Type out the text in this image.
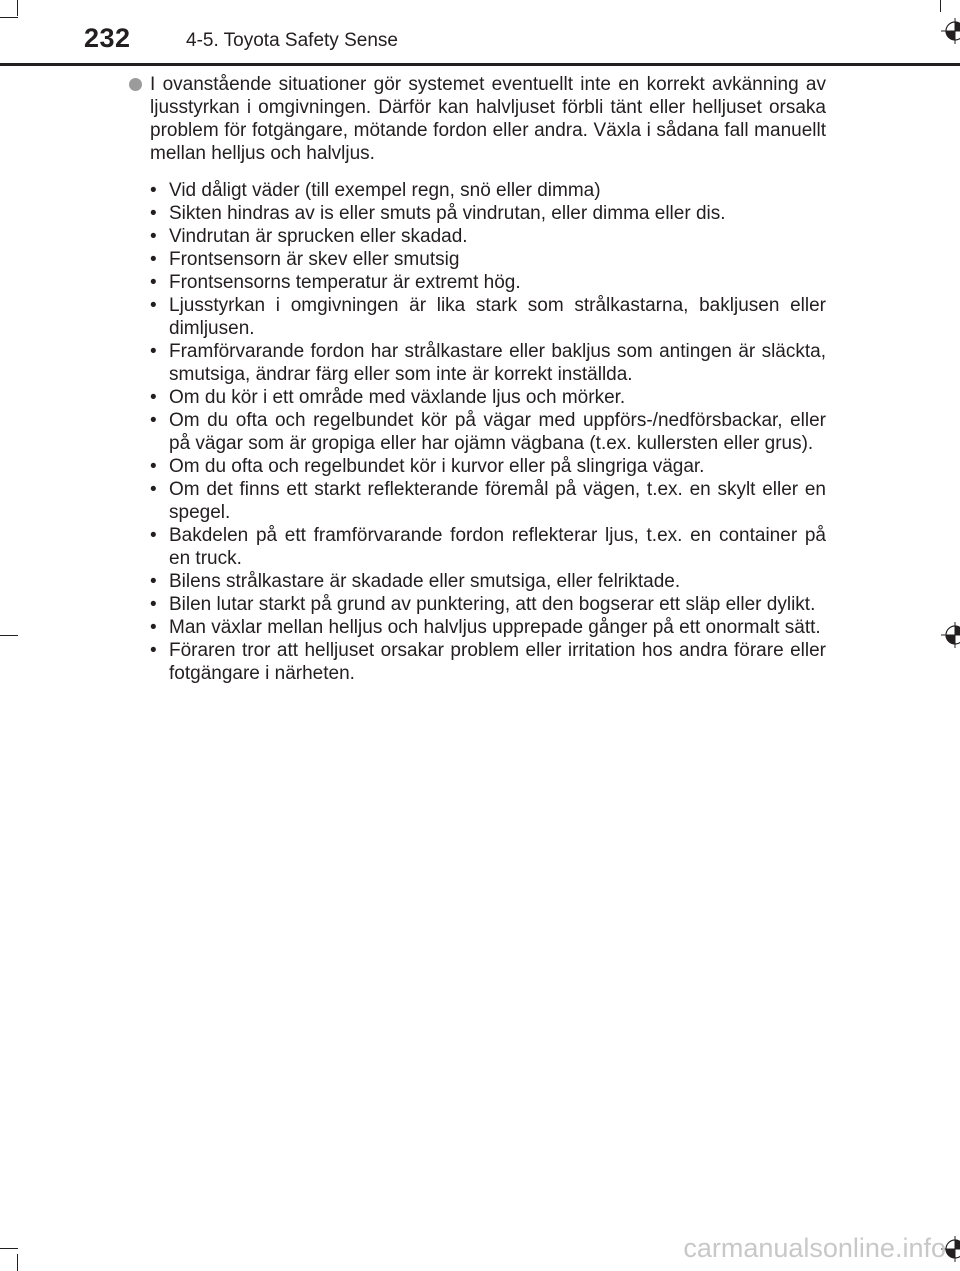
232	4-5. Toyota Safety Sense

I ovanstående situationer gör systemet eventuellt inte en korrekt avkänning av ljusstyrkan i omgivningen. Därför kan halvljuset förbli tänt eller helljuset orsaka problem för fotgängare, mötande fordon eller andra. Växla i sådana fall manuellt mellan helljus och halvljus.

• Vid dåligt väder (till exempel regn, snö eller dimma)
• Sikten hindras av is eller smuts på vindrutan, eller dimma eller dis.
• Vindrutan är sprucken eller skadad.
• Frontsensorn är skev eller smutsig
• Frontsensorns temperatur är extremt hög.
• Ljusstyrkan i omgivningen är lika stark som strålkastarna, bakljusen eller dimljusen.
• Framförvarande fordon har strålkastare eller bakljus som antingen är släckta, smutsiga, ändrar färg eller som inte är korrekt inställda.
• Om du kör i ett område med växlande ljus och mörker.
• Om du ofta och regelbundet kör på vägar med uppförs-/nedförsbackar, eller på vägar som är gropiga eller har ojämn vägbana (t.ex. kullersten eller grus).
• Om du ofta och regelbundet kör i kurvor eller på slingriga vägar.
• Om det finns ett starkt reflekterande föremål på vägen, t.ex. en skylt eller en spegel.
• Bakdelen på ett framförvarande fordon reflekterar ljus, t.ex. en container på en truck.
• Bilens strålkastare är skadade eller smutsiga, eller felriktade.
• Bilen lutar starkt på grund av punktering, att den bogserar ett släp eller dylikt.
• Man växlar mellan helljus och halvljus upprepade gånger på ett onormalt sätt.
• Föraren tror att helljuset orsakar problem eller irritation hos andra förare eller fotgängare i närheten.
carmanualsonline.info
